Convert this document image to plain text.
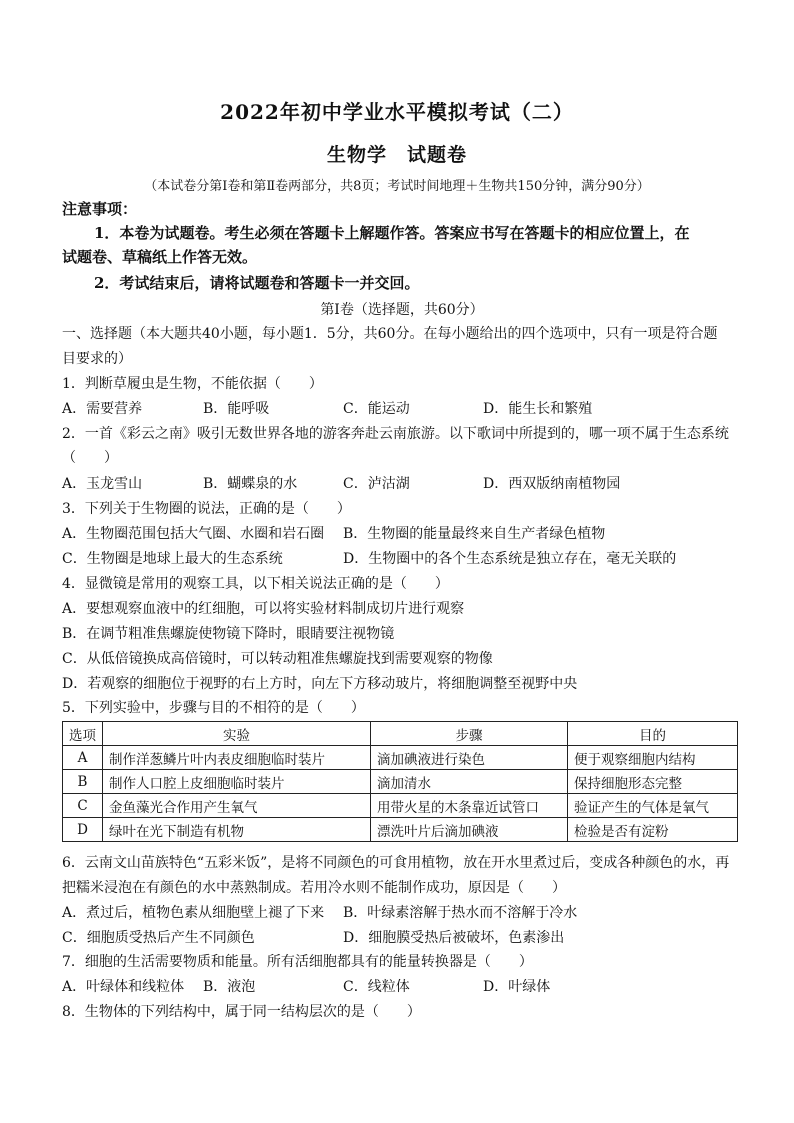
2022年初中学业水平模拟考试（二）
生物学　试题卷
（本试卷分第Ⅰ卷和第Ⅱ卷两部分，共8页；考试时间地理＋生物共150分钟，满分90分）
注意事项：
1．本卷为试题卷。考生必须在答题卡上解题作答。答案应书写在答题卡的相应位置上，在
试题卷、草稿纸上作答无效。
2．考试结束后，请将试题卷和答题卡一并交回。
第Ⅰ卷（选择题，共60分）
一、选择题（本大题共40小题，每小题1．5分，共60分。在每小题给出的四个选项中，只有一项是符合题
目要求的）
1．判断草履虫是生物，不能依据（　　）
A．需要营养	B．能呼吸	C．能运动	D．能生长和繁殖
2．一首《彩云之南》吸引无数世界各地的游客奔赴云南旅游。以下歌词中所提到的，哪一项不属于生态系统
（　　）
A．玉龙雪山	B．蝴蝶泉的水	C．泸沽湖	D．西双版纳南植物园
3．下列关于生物圈的说法，正确的是（　　）
A．生物圈范围包括大气圈、水圈和岩石圈 B．生物圈的能量最终来自生产者绿色植物
C．生物圈是地球上最大的生态系统	D．生物圈中的各个生态系统是独立存在，毫无关联的
4．显微镜是常用的观察工具，以下相关说法正确的是（　　）
A．要想观察血液中的红细胞，可以将实验材料制成切片进行观察
B．在调节粗准焦螺旋使物镜下降时，眼睛要注视物镜
C．从低倍镜换成高倍镜时，可以转动粗准焦螺旋找到需要观察的物像
D．若观察的细胞位于视野的右上方时，向左下方移动玻片，将细胞调整至视野中央
5．下列实验中，步骤与目的不相符的是（　　）
选项	实验	步骤	目的
A	制作洋葱鳞片叶内表皮细胞临时装片	滴加碘液进行染色	便于观察细胞内结构
B	制作人口腔上皮细胞临时装片	滴加清水	保持细胞形态完整
C	金鱼藻光合作用产生氧气	用带火星的木条靠近试管口	验证产生的气体是氧气
D	绿叶在光下制造有机物	漂洗叶片后滴加碘液	检验是否有淀粉
6．云南文山苗族特色“五彩米饭”，是将不同颜色的可食用植物，放在开水里煮过后，变成各种颜色的水，再
把糯米浸泡在有颜色的水中蒸熟制成。若用冷水则不能制作成功，原因是（　　）
A．煮过后，植物色素从细胞壁上褪了下来 B．叶绿素溶解于热水而不溶解于冷水
C．细胞质受热后产生不同颜色	D．细胞膜受热后被破坏，色素渗出
7．细胞的生活需要物质和能量。所有活细胞都具有的能量转换器是（　　）
A．叶绿体和线粒体 B．液泡	C．线粒体	D．叶绿体
8．生物体的下列结构中，属于同一结构层次的是（　　）
